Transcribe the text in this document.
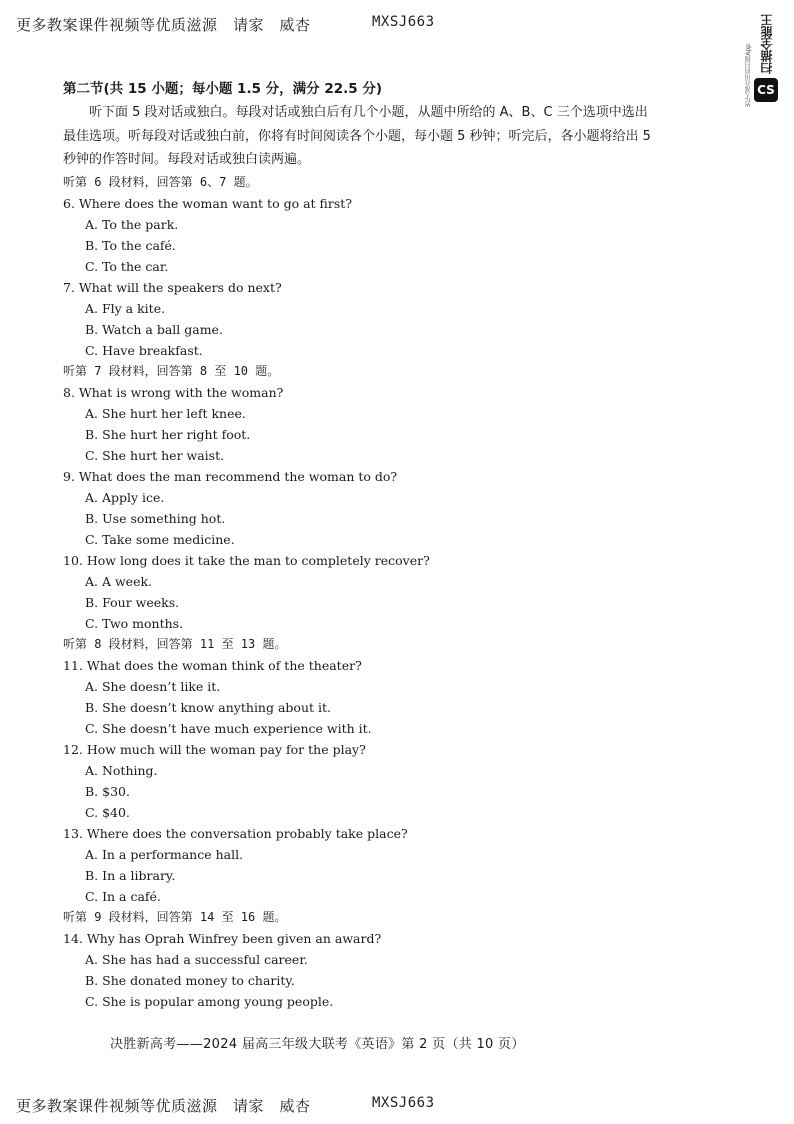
更多教案课件视频等优质滋源　请家　威杏	MXSJ663	扫描全能王
CS
3亿人都在用的扫描App
第二节(共 15 小题；每小题 1.5 分，满分 22.5 分)
听下面 5 段对话或独白。每段对话或独白后有几个小题，从题中所给的 A、B、C 三个选项中选出最佳选项。听每段对话或独白前，你将有时间阅读各个小题，每小题 5 秒钟；听完后，各小题将给出 5 秒钟的作答时间。每段对话或独白读两遍。
听第 6 段材料，回答第 6、7 题。
6. Where does the woman want to go at first?
A. To the park.
B. To the café.
C. To the car.
7. What will the speakers do next?
A. Fly a kite.
B. Watch a ball game.
C. Have breakfast.
听第 7 段材料，回答第 8 至 10 题。
8. What is wrong with the woman?
A. She hurt her left knee.
B. She hurt her right foot.
C. She hurt her waist.
9. What does the man recommend the woman to do?
A. Apply ice.
B. Use something hot.
C. Take some medicine.
10. How long does it take the man to completely recover?
A. A week.
B. Four weeks.
C. Two months.
听第 8 段材料，回答第 11 至 13 题。
11. What does the woman think of the theater?
A. She doesn’t like it.
B. She doesn’t know anything about it.
C. She doesn’t have much experience with it.
12. How much will the woman pay for the play?
A. Nothing.
B. $30.
C. $40.
13. Where does the conversation probably take place?
A. In a performance hall.
B. In a library.
C. In a café.
听第 9 段材料，回答第 14 至 16 题。
14. Why has Oprah Winfrey been given an award?
A. She has had a successful career.
B. She donated money to charity.
C. She is popular among young people.
决胜新高考——2024 届高三年级大联考《英语》第 2 页（共 10 页）
更多教案课件视频等优质滋源　请家　威杏	MXSJ663
